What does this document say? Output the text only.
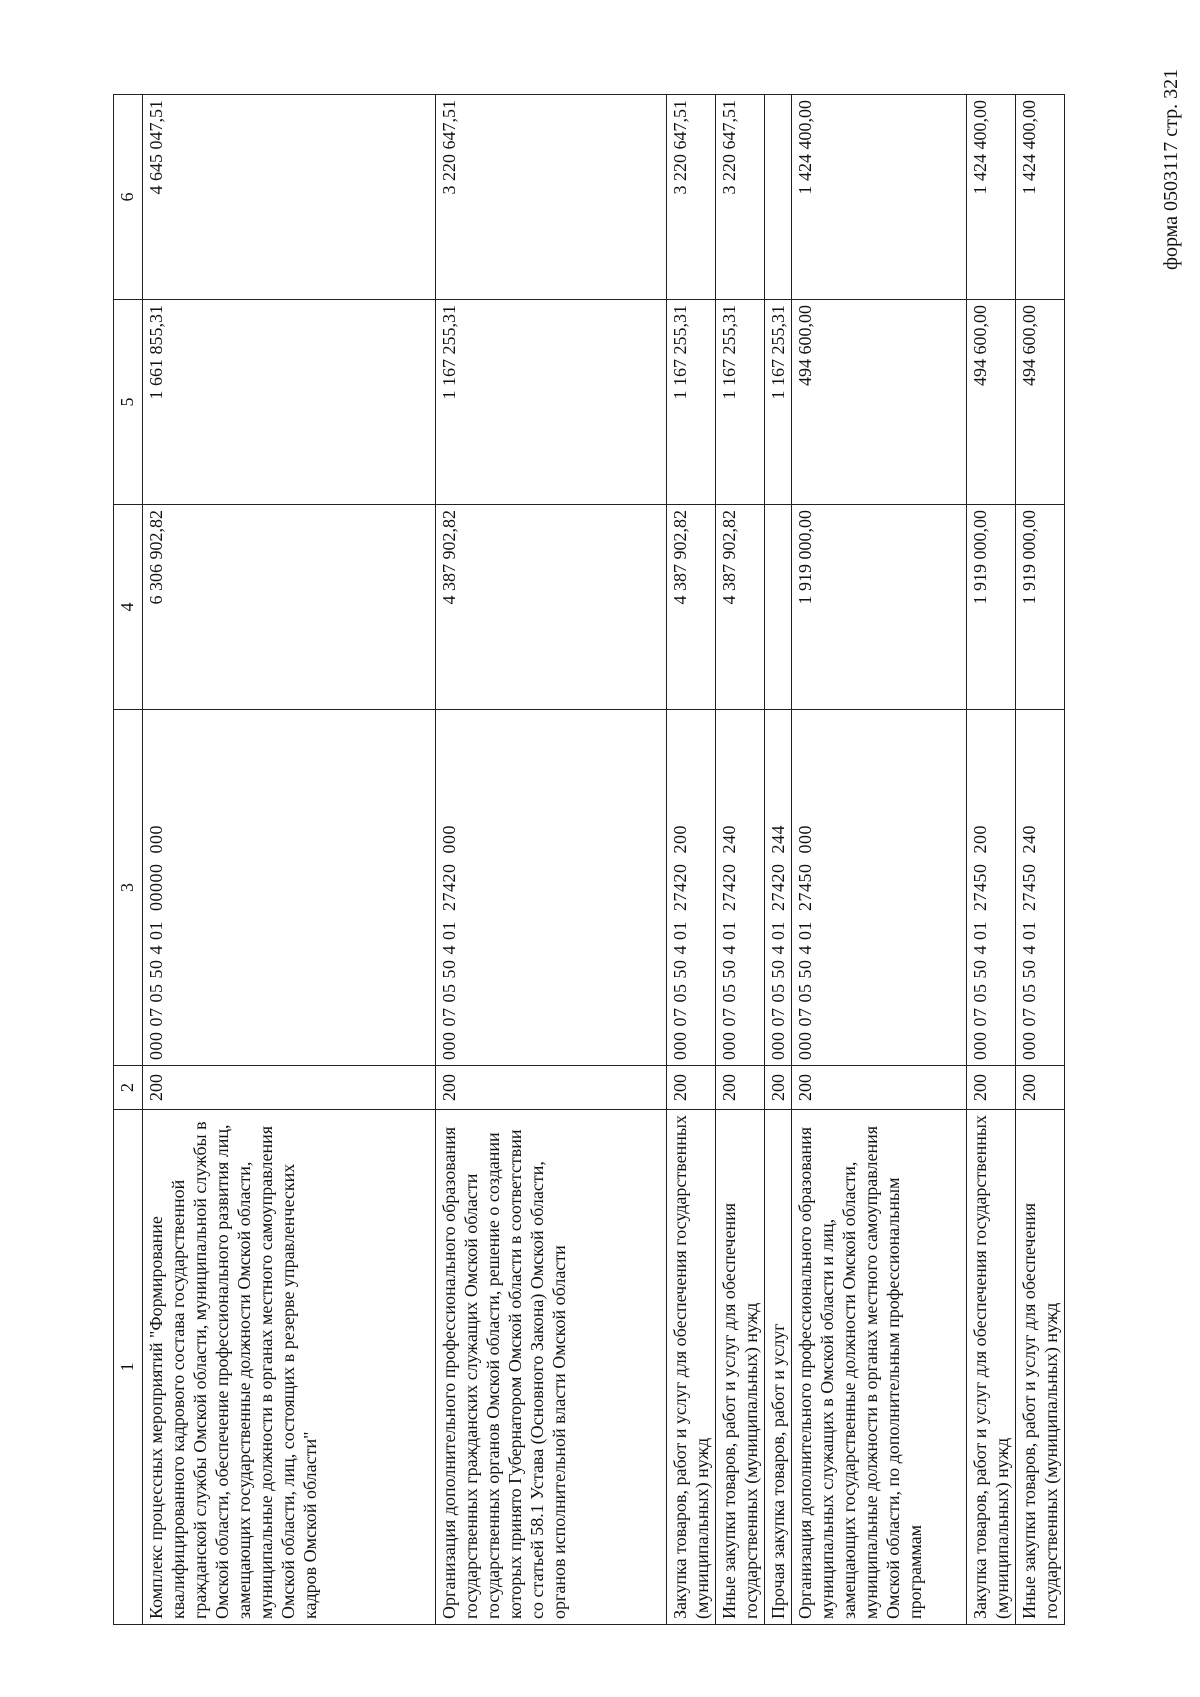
форма 0503117 стр. 321
1	2	3	4	5	6
Комплекс процессных мероприятий "Формирование квалифицированного кадрового состава государственной гражданской службы Омской области, муниципальной службы в Омской области, обеспечение профессионального развития лиц, замещающих государственные должности Омской области, муниципальные должности в органах местного самоуправления Омской области, лиц, состоящих в резерве управленческих кадров Омской области"	200	000 07 05 50 4 01  00000  000	6 306 902,82	1 661 855,31	4 645 047,51
Организация дополнительного профессионального образования государственных гражданских служащих Омской области государственных органов Омской области, решение о создании которых принято Губернатором Омской области в соответствии со статьей 58.1 Устава (Основного Закона) Омской области, органов исполнительной власти Омской области	200	000 07 05 50 4 01  27420  000	4 387 902,82	1 167 255,31	3 220 647,51
Закупка товаров, работ и услуг для обеспечения государственных (муниципальных) нужд	200	000 07 05 50 4 01  27420  200	4 387 902,82	1 167 255,31	3 220 647,51
Иные закупки товаров, работ и услуг для обеспечения государственных (муниципальных) нужд	200	000 07 05 50 4 01  27420  240	4 387 902,82	1 167 255,31	3 220 647,51
Прочая закупка товаров, работ и услуг	200	000 07 05 50 4 01  27420  244		1 167 255,31	
Организация дополнительного профессионального образования муниципальных служащих в Омской области и лиц, замещающих государственные должности Омской области, муниципальные должности в органах местного самоуправления Омской области, по дополнительным профессиональным программам	200	000 07 05 50 4 01  27450  000	1 919 000,00	494 600,00	1 424 400,00
Закупка товаров, работ и услуг для обеспечения государственных (муниципальных) нужд	200	000 07 05 50 4 01  27450  200	1 919 000,00	494 600,00	1 424 400,00
Иные закупки товаров, работ и услуг для обеспечения государственных (муниципальных) нужд	200	000 07 05 50 4 01  27450  240	1 919 000,00	494 600,00	1 424 400,00
